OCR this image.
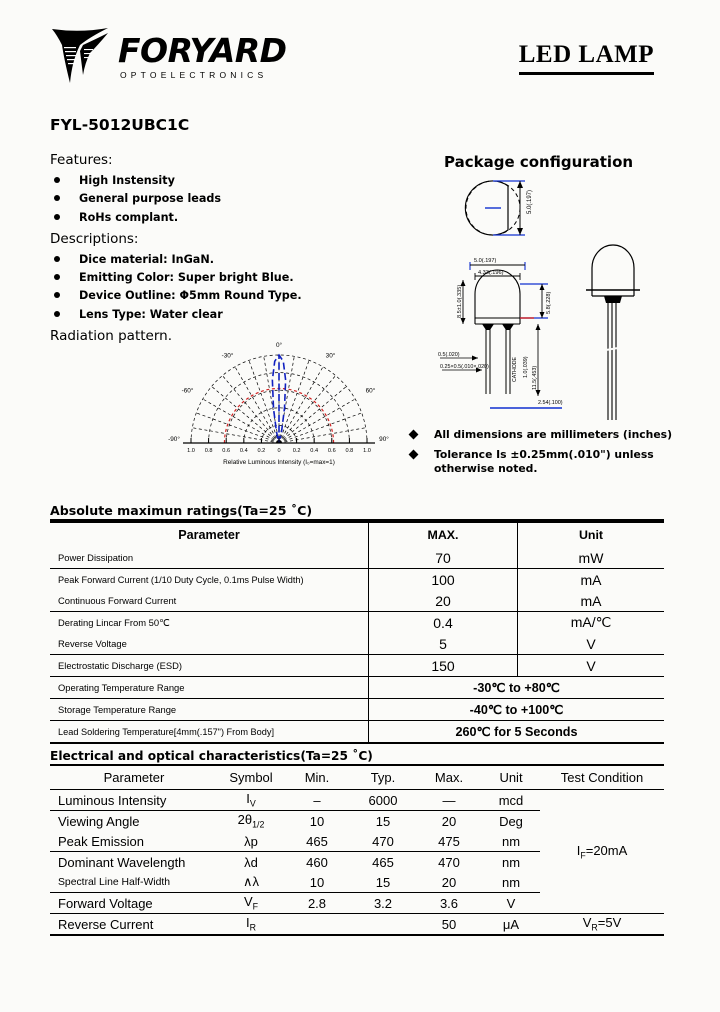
FORYARD
OPTOELECTRONICS
LED LAMP
FYL-5012UBC1C
Features:
High Instensity
General purpose leads
RoHs complant.
Descriptions:
Dice material: InGaN.
Emitting Color: Super bright Blue.
Device Outline: Φ5mm Round Type.
Lens Type: Water clear
Radiation pattern.
Package configuration
5.0(.197)
5.0(.197)
4.33(.196)
8.5±1.0(.335)	5.8(.228)
0.5(.020)
0.25×0.5(.010×.020)	CATHODE 1.0(.039) 11.5(.453)
2.54(.100)
All dimensions are millimeters (inches)
Tolerance Is ±0.25mm(.010") unless otherwise noted.
1.0 0.8 0.6 0.4 0.2 0 0.2 0.4 0.6 0.8 1.0
0°
-30°
-60°
-90°
30°
60°
90°
Relative Luminous Intensity (I₀=max=1)
Absolute maximun ratings(Ta=25 ˚C)
Parameter	MAX.	Unit
Power Dissipation	70	mW
Peak Forward Current (1/10 Duty Cycle, 0.1ms Pulse Width)	100	mA
Continuous Forward Current	20	mA
Derating Lincar From 50℃	0.4	mA/℃
Reverse Voltage	5	V
Electrostatic Discharge (ESD)	150	V
Operating Temperature Range	-30℃ to +80℃	
Storage Temperature Range	-40℃ to +100℃	
Lead Soldering Temperature[4mm(.157") From Body]	260℃ for 5 Seconds	
Electrical and optical characteristics(Ta=25 ˚C)
Parameter	Symbol	Min.	Typ.	Max.	Unit	Test Condition
Luminous Intensity	$I_V$	–	6000	—	mcd	$I_F=20mA$
Viewing Angle	$2\theta_{1/2}$	10	15	20	Deg	
Peak Emission	λp	465	470	475	nm	
Dominant Wavelength	λd	460	465	470	nm	
Spectral Line Half-Width	∧λ	10	15	20	nm	
Forward Voltage	$V_F$	2.8	3.2	3.6	V	
Reverse Current	$I_R$			50	μA	$V_R=5V$
